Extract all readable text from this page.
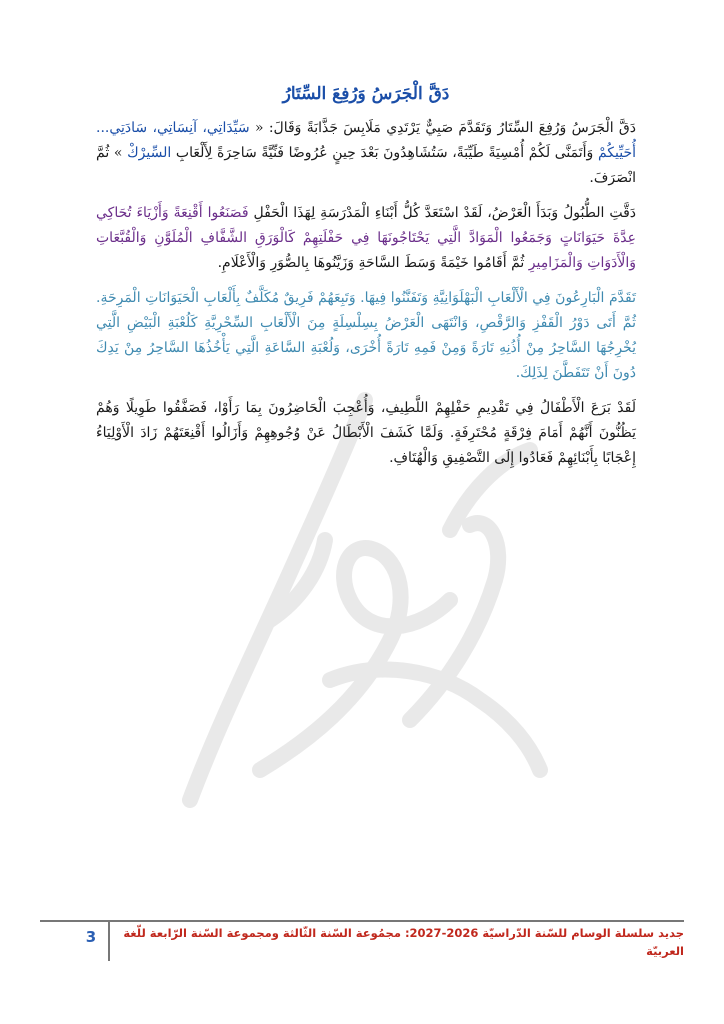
دَقَّ الْجَرَسُ وَرُفِعَ السِّتَارُ

دَقَّ الْجَرَسُ وَرُفِعَ السِّتَارُ وَتَقَدَّمَ صَبِيٌّ يَرْتَدِي مَلَابِسَ جَذَّابَةً وَقَالَ: « سَيِّدَاتِي، آنِسَاتِي، سَادَتِي... أُحَيِّيكُمْ وَأَتَمَنَّى لَكُمْ أُمْسِيَةً طَيِّبَةً، سَتُشَاهِدُونَ بَعْدَ حِينٍ عُرُوضًا فَنِّيَّةً سَاحِرَةً لِأَلْعَابِ السِّيرْكْ » ثُمَّ انْصَرَفَ.

دَقَّتِ الطُّبُولُ وَبَدَأَ الْعَرْضُ، لَقَدْ اسْتَعَدَّ كُلُّ أَبْنَاءِ الْمَدْرَسَةِ لِهَذَا الْحَفْلِ فَصَنَعُوا أَقْنِعَةً وَأَزْيَاءَ تُحَاكِي عِدَّةَ حَيَوَانَاتٍ وَجَمَعُوا الْمَوَادَّ الَّتِي يَحْتَاجُونَهَا فِي حَفْلَتِهِمْ كَالْوَرَقِ الشَّفَّافِ الْمُلَوَّنِ وَالْقُبَّعَاتِ وَالْأَدَوَاتِ وَالْمَزَامِيرِ ثُمَّ أَقَامُوا خَيْمَةً وَسَطَ السَّاحَةِ وَزَيَّنُوهَا بِالصُّوَرِ وَالْأَعْلَامِ.

تَقَدَّمَ الْبَارِعُونَ فِي الْأَلْعَابِ الْبَهْلَوَانِيَّةِ وَتَفَنَّنُوا فِيهَا. وَتَبِعَهُمْ فَرِيقٌ مُكَلَّفٌ بِأَلْعَابِ الْحَيَوَانَاتِ الْمَرِحَةِ. ثُمَّ أَتَى دَوْرُ الْقَفْزِ وَالرَّقْصِ، وَانْتَهَى الْعَرْضُ بِسِلْسِلَةٍ مِنَ الْأَلْعَابِ السِّحْرِيَّةِ كَلُعْبَةِ الْبَيْضِ الَّتِي يُخْرِجُهَا السَّاحِرُ مِنْ أُذُنِهِ تَارَةً وَمِنْ فَمِهِ تَارَةً أُخْرَى، وَلُعْبَةِ السَّاعَةِ الَّتِي يَأْخُذُهَا السَّاحِرُ مِنْ يَدِكَ دُونَ أَنْ تَتَفَطَّنَ لِذَلِكَ.

لَقَدْ بَرَعَ الْأَطْفَالُ فِي تَقْدِيمِ حَفْلِهِمْ اللَّطِيفِ، وَأُعْجِبَ الْحَاضِرُونَ بِمَا رَأَوْا، فَصَفَّقُوا طَوِيلًا وَهُمْ يَظُنُّونَ أَنَّهُمْ أَمَامَ فِرْقَةٍ مُحْتَرِفَةٍ. وَلَمَّا كَشَفَ الْأَبْطَالُ عَنْ وُجُوهِهِمْ وَأَزَالُوا أَقْنِعَتَهُمْ زَادَ الْأَوْلِيَاءُ إِعْجَابًا بِأَبْنَائِهِمْ فَعَادُوا إِلَى التَّصْفِيقِ وَالْهُتَافِ.

3	جديد سلسلة الوسام للسّنة الدّراسيّة 2026-2027: مجمُوعة السّنة الثّالثة ومجموعة السّنة الرّابعة للّغة العربيّة
